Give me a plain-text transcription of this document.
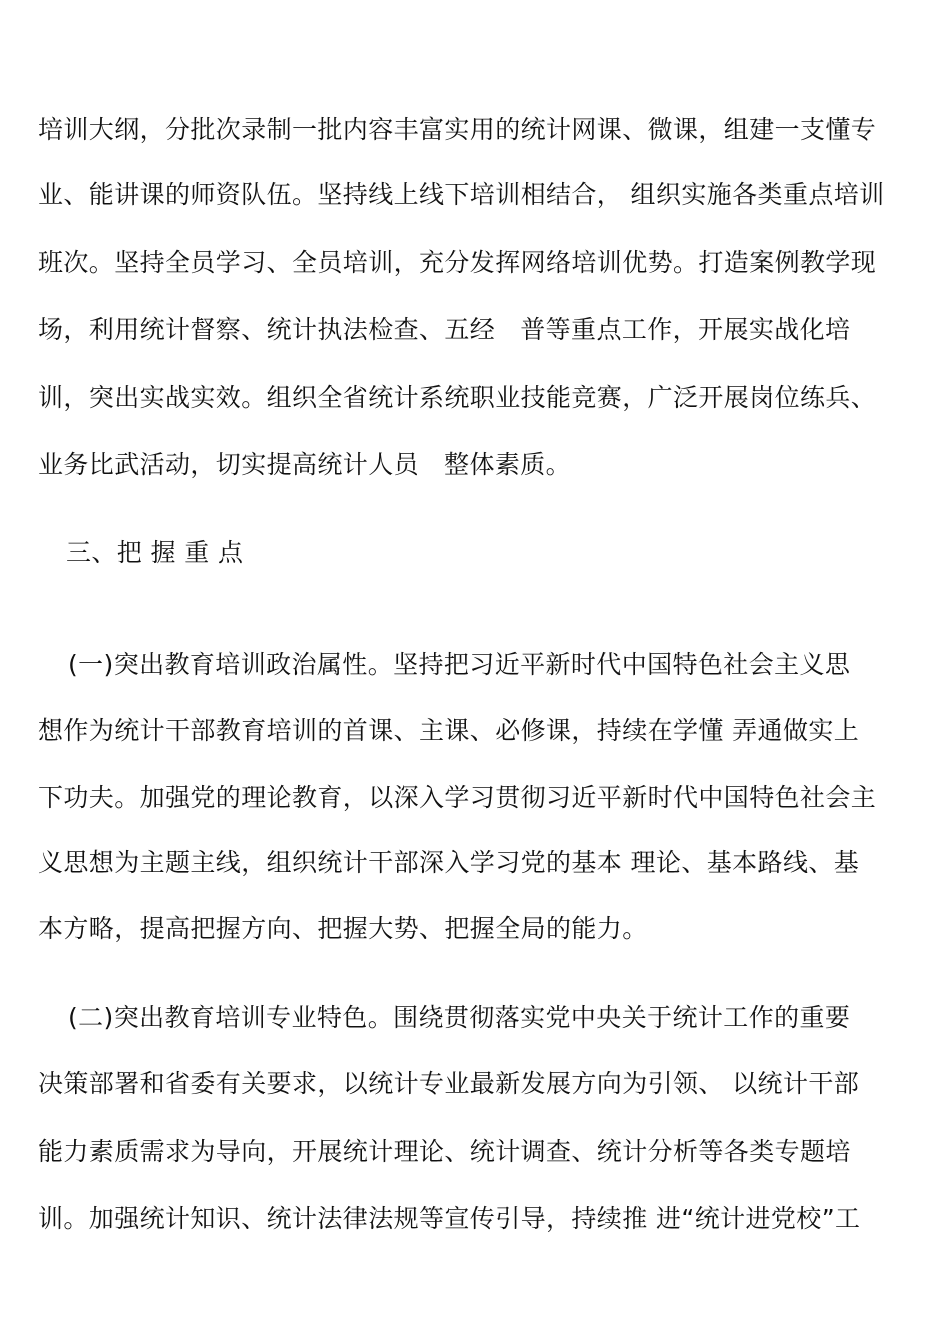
培训大纲，分批次录制一批内容丰富实用的统计网课、微课，组建一支懂专
业、能讲课的师资队伍。坚持线上线下培训相结合， 组织实施各类重点培训
班次。坚持全员学习、全员培训，充分发挥网络培训优势。打造案例教学现
场，利用统计督察、统计执法检查、五经   普等重点工作，开展实战化培
训，突出实战实效。组织全省统计系统职业技能竞赛，广泛开展岗位练兵、
业务比武活动，切实提高统计人员   整体素质。
三、把 握 重 点
(一)突出教育培训政治属性。坚持把习近平新时代中国特色社会主义思
想作为统计干部教育培训的首课、主课、必修课，持续在学懂 弄通做实上
下功夫。加强党的理论教育，以深入学习贯彻习近平新时代中国特色社会主
义思想为主题主线，组织统计干部深入学习党的基本 理论、基本路线、基
本方略，提高把握方向、把握大势、把握全局的能力。
(二)突出教育培训专业特色。围绕贯彻落实党中央关于统计工作的重要
决策部署和省委有关要求，以统计专业最新发展方向为引领、 以统计干部
能力素质需求为导向，开展统计理论、统计调查、统计分析等各类专题培
训。加强统计知识、统计法律法规等宣传引导，持续推 进“统计进党校”工
